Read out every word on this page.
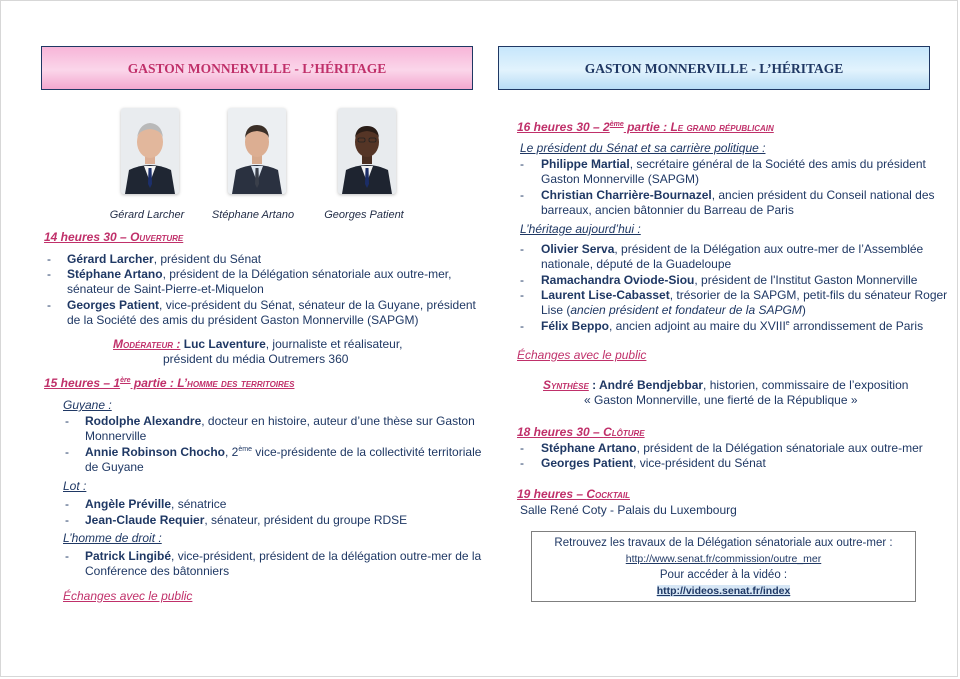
GASTON MONNERVILLE - L’HÉRITAGE	GASTON MONNERVILLE - L’HÉRITAGE
Gérard Larcher	Stéphane Artano	Georges Patient
14 heures 30 – Ouverture
- Gérard Larcher, président du Sénat
- Stéphane Artano, président de la Délégation sénatoriale aux outre-mer,
sénateur de Saint-Pierre-et-Miquelon
- Georges Patient, vice-président du Sénat, sénateur de la Guyane, président
de la Société des amis du président Gaston Monnerville (SAPGM)
Modérateur : Luc Laventure, journaliste et réalisateur,
président du média Outremers 360
15 heures – 1ère partie : L’homme des territoires
Guyane :
- Rodolphe Alexandre, docteur en histoire, auteur d’une thèse sur Gaston
Monnerville
- Annie Robinson Chocho, 2ème vice-présidente de la collectivité territoriale
de Guyane
Lot :
- Angèle Préville, sénatrice
- Jean-Claude Requier, sénateur, président du groupe RDSE
L’homme de droit :
- Patrick Lingibé, vice-président, président de la délégation outre-mer de la
Conférence des bâtonniers
Échanges avec le public
16 heures 30 – 2ème partie : Le grand républicain
Le président du Sénat et sa carrière politique :
- Philippe Martial, secrétaire général de la Société des amis du président
Gaston Monnerville (SAPGM)
- Christian Charrière-Bournazel, ancien président du Conseil national des
barreaux, ancien bâtonnier du Barreau de Paris
L’héritage aujourd’hui :
- Olivier Serva, président de la Délégation aux outre-mer de l’Assemblée
nationale, député de la Guadeloupe
- Ramachandra Oviode-Siou, président de l'Institut Gaston Monnerville
- Laurent Lise-Cabasset, trésorier de la SAPGM, petit-fils du sénateur Roger
Lise (ancien président et fondateur de la SAPGM)
- Félix Beppo, ancien adjoint au maire du XVIIIe arrondissement de Paris
Échanges avec le public
Synthèse : André Bendjebbar, historien, commissaire de l’exposition
« Gaston Monnerville, une fierté de la République »
18 heures 30 – Clôture
- Stéphane Artano, président de la Délégation sénatoriale aux outre-mer
- Georges Patient, vice-président du Sénat
19 heures – Cocktail
Salle René Coty - Palais du Luxembourg
Retrouvez les travaux de la Délégation sénatoriale aux outre-mer :
http://www.senat.fr/commission/outre_mer
Pour accéder à la vidéo :
http://videos.senat.fr/index
